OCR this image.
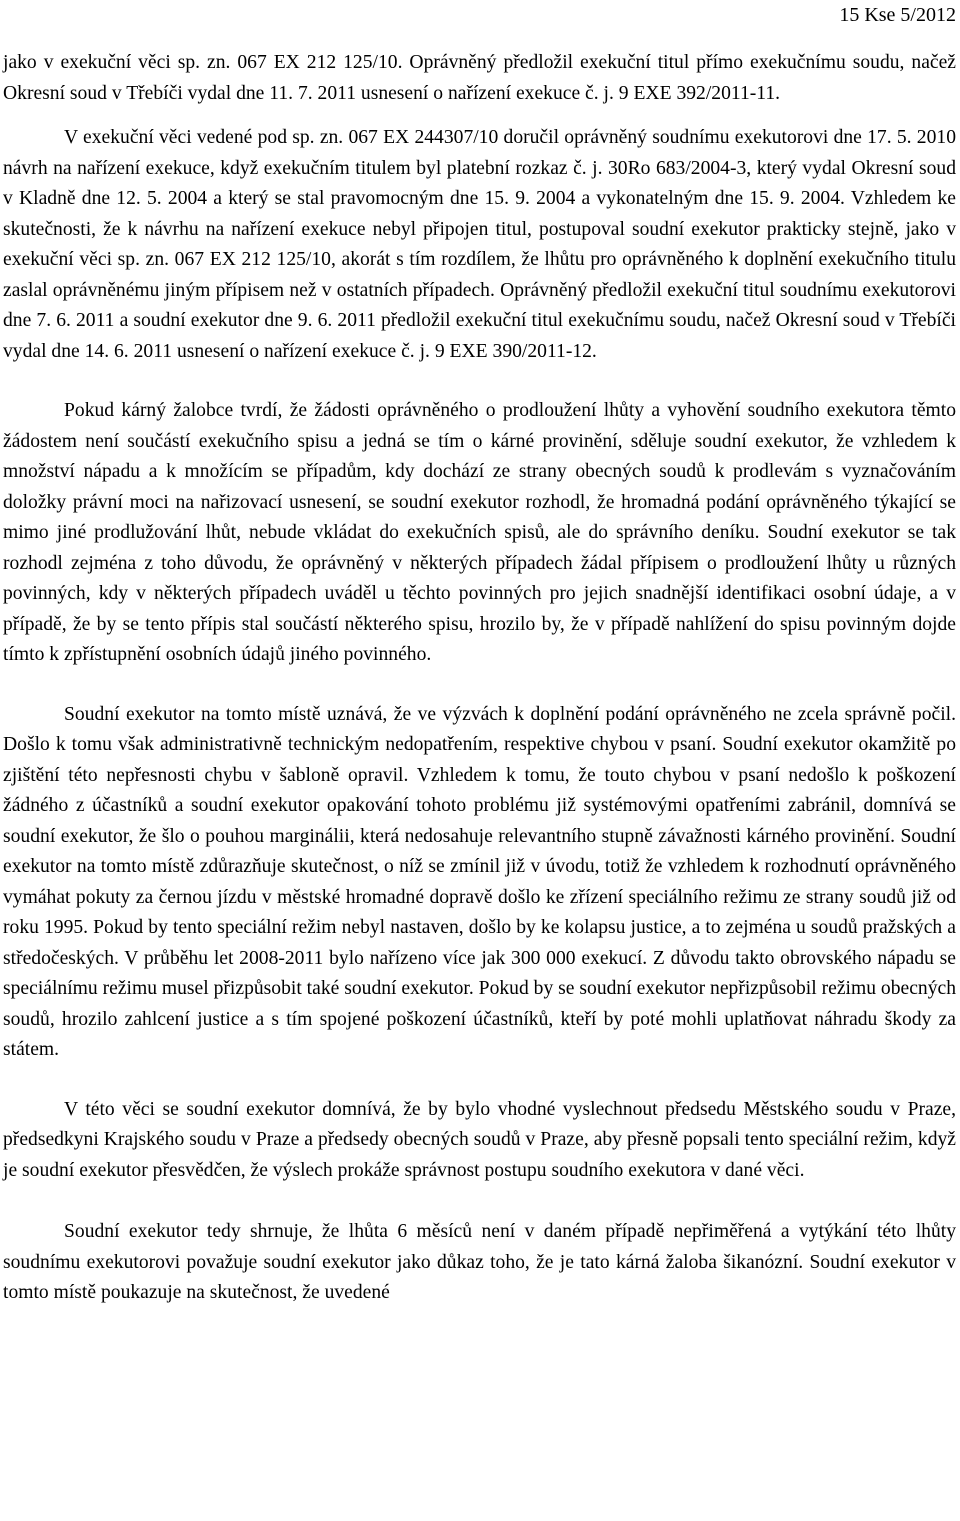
15 Kse 5/2012

jako v exekuční věci sp. zn. 067 EX 212 125/10. Oprávněný předložil exekuční titul přímo exekučnímu soudu, načež Okresní soud v Třebíči vydal dne 11. 7. 2011 usnesení o nařízení exekuce č. j. 9 EXE 392/2011-11.

V exekuční věci vedené pod sp. zn. 067 EX 244307/10 doručil oprávněný soudnímu exekutorovi dne 17. 5. 2010 návrh na nařízení exekuce, když exekučním titulem byl platební rozkaz č. j. 30Ro 683/2004-3, který vydal Okresní soud v Kladně dne 12. 5. 2004 a který se stal pravomocným dne 15. 9. 2004 a vykonatelným dne 15. 9. 2004. Vzhledem ke skutečnosti, že k návrhu na nařízení exekuce nebyl připojen titul, postupoval soudní exekutor prakticky stejně, jako v exekuční věci sp. zn. 067 EX 212 125/10, akorát s tím rozdílem, že lhůtu pro oprávněného k doplnění exekučního titulu zaslal oprávněnému jiným přípisem než v ostatních případech. Oprávněný předložil exekuční titul soudnímu exekutorovi dne 7. 6. 2011 a soudní exekutor dne 9. 6. 2011 předložil exekuční titul exekučnímu soudu, načež Okresní soud v Třebíči vydal dne 14. 6. 2011 usnesení o nařízení exekuce č. j. 9 EXE 390/2011-12.

Pokud kárný žalobce tvrdí, že žádosti oprávněného o prodloužení lhůty a vyhovění soudního exekutora těmto žádostem není součástí exekučního spisu a jedná se tím o kárné provinění, sděluje soudní exekutor, že vzhledem k množství nápadu a k množícím se případům, kdy dochází ze strany obecných soudů k prodlevám s vyznačováním doložky právní moci na nařizovací usnesení, se soudní exekutor rozhodl, že hromadná podání oprávněného týkající se mimo jiné prodlužování lhůt, nebude vkládat do exekučních spisů, ale do správního deníku. Soudní exekutor se tak rozhodl zejména z toho důvodu, že oprávněný v některých případech žádal přípisem o prodloužení lhůty u různých povinných, kdy v některých případech uváděl u těchto povinných pro jejich snadnější identifikaci osobní údaje, a v případě, že by se tento přípis stal součástí některého spisu, hrozilo by, že v případě nahlížení do spisu povinným dojde tímto k zpřístupnění osobních údajů jiného povinného.

Soudní exekutor na tomto místě uznává, že ve výzvách k doplnění podání oprávněného ne zcela správně počil. Došlo k tomu však administrativně technickým nedopatřením, respektive chybou v psaní. Soudní exekutor okamžitě po zjištění této nepřesnosti chybu v šabloně opravil. Vzhledem k tomu, že touto chybou v psaní nedošlo k poškození žádného z účastníků a soudní exekutor opakování tohoto problému již systémovými opatřeními zabránil, domnívá se soudní exekutor, že šlo o pouhou marginálii, která nedosahuje relevantního stupně závažnosti kárného provinění. Soudní exekutor na tomto místě zdůrazňuje skutečnost, o níž se zmínil již v úvodu, totiž že vzhledem k rozhodnutí oprávněného vymáhat pokuty za černou jízdu v městské hromadné dopravě došlo ke zřízení speciálního režimu ze strany soudů již od roku 1995. Pokud by tento speciální režim nebyl nastaven, došlo by ke kolapsu justice, a to zejména u soudů pražských a středočeských. V průběhu let 2008-2011 bylo nařízeno více jak 300 000 exekucí. Z důvodu takto obrovského nápadu se speciálnímu režimu musel přizpůsobit také soudní exekutor. Pokud by se soudní exekutor nepřizpůsobil režimu obecných soudů, hrozilo zahlcení justice a s tím spojené poškození účastníků, kteří by poté mohli uplatňovat náhradu škody za státem.

V této věci se soudní exekutor domnívá, že by bylo vhodné vyslechnout předsedu Městského soudu v Praze, předsedkyni Krajského soudu v Praze a předsedy obecných soudů v Praze, aby přesně popsali tento speciální režim, když je soudní exekutor přesvědčen, že výslech prokáže správnost postupu soudního exekutora v dané věci.

Soudní exekutor tedy shrnuje, že lhůta 6 měsíců není v daném případě nepřiměřená a vytýkání této lhůty soudnímu exekutorovi považuje soudní exekutor jako důkaz toho, že je tato kárná žaloba šikanózní. Soudní exekutor v tomto místě poukazuje na skutečnost, že uvedené
